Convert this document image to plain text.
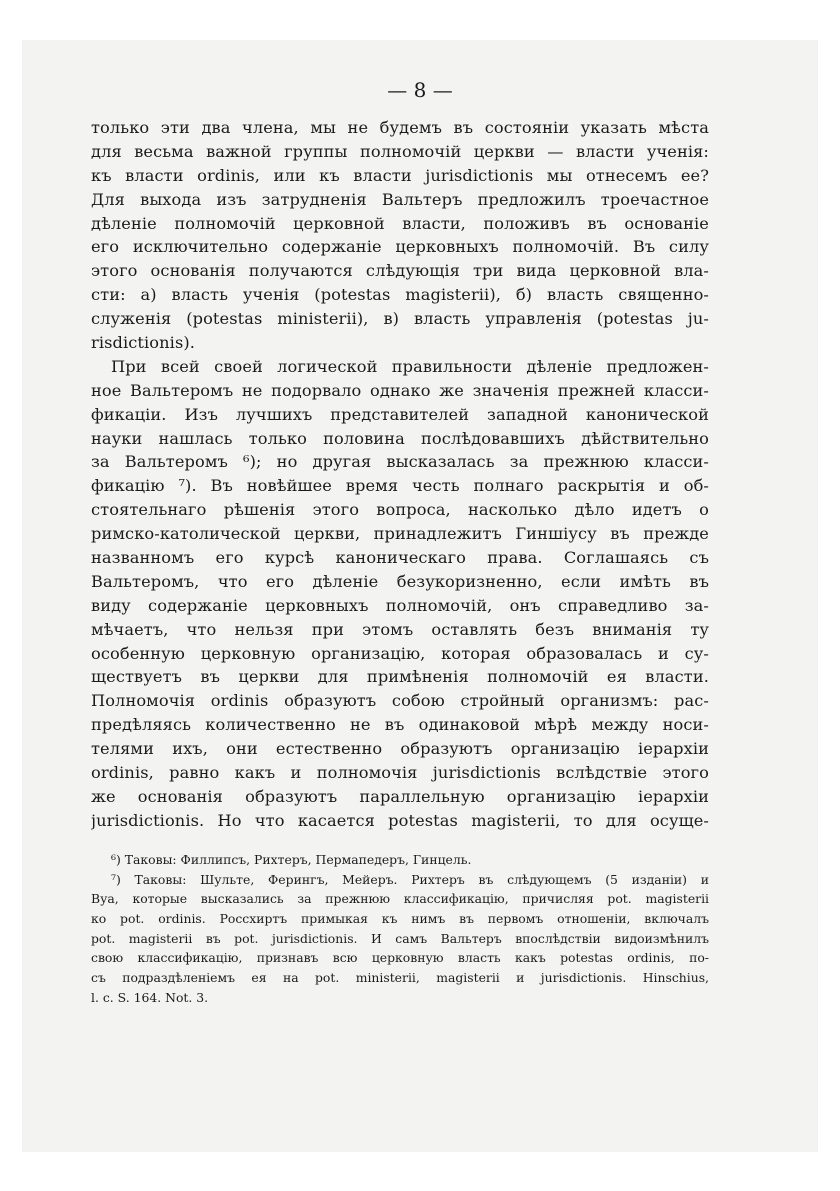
— 8 —
только эти два члена, мы не будемъ въ состоянiи указать мѣста
для весьма важной группы полномочiй церкви — власти ученiя:
къ власти ordinis, или къ власти jurisdictionis мы отнесемъ ее?
Для выхода изъ затрудненiя Вальтеръ предложилъ троечастное
дѣленiе полномочiй церковной власти, положивъ въ основанiе
его исключительно содержанiе церковныхъ полномочiй. Въ силу
этого основанiя получаются слѣдующiя три вида церковной вла-
сти: а) власть ученiя (potestas magisterii), б) власть священно-
служенiя (potestas ministerii), в) власть управленiя (potestas ju-
risdictionis).
При всей своей логической правильности дѣленiе предложен-
ное Вальтеромъ не подорвало однако же значенiя прежней класси-
фикацiи. Изъ лучшихъ представителей западной канонической
науки нашлась только половина послѣдовавшихъ дѣйствительно
за Вальтеромъ ⁶); но другая высказалась за прежнюю класси-
фикацiю ⁷). Въ новѣйшее время честь полнаго раскрытiя и об-
стоятельнаго рѣшенiя этого вопроса, насколько дѣло идетъ о
римско-католической церкви, принадлежитъ Гиншiусу въ прежде
названномъ его курсѣ каноническаго права. Соглашаясь съ
Вальтеромъ, что его дѣленiе безукоризненно, если имѣть въ
виду содержанiе церковныхъ полномочiй, онъ справедливо за-
мѣчаетъ, что нельзя при этомъ оставлять безъ вниманiя ту
особенную церковную организацiю, которая образовалась и су-
ществуетъ въ церкви для примѣненiя полномочiй ея власти.
Полномочiя ordinis образуютъ собою стройный организмъ: рас-
предѣляясь количественно не въ одинаковой мѣрѣ между носи-
телями ихъ, они естественно образуютъ организацiю iерархiи
ordinis, равно какъ и полномочiя jurisdictionis вслѣдствiе этого
же основанiя образуютъ параллельную организацiю iерархiи
jurisdictionis. Но что касается potestas magisterii, то для осуще-
⁶) Таковы: Филлипсъ, Рихтеръ, Пермапедеръ, Гинцель.
⁷) Таковы: Шульте, Ферингъ, Мейеръ. Рихтеръ въ слѣдующемъ (5 изданiи) и
Вуа, которые высказались за прежнюю классификацiю, причисляя pot. magisterii
ко pot. ordinis. Россхиртъ примыкая къ нимъ въ первомъ отношенiи, включалъ
pot. magisterii въ pot. jurisdictionis. И самъ Вальтеръ впослѣдствiи видоизмѣнилъ
свою классификацiю, признавъ всю церковную власть какъ potestas ordinis, по-
съ подраздѣленiемъ ея на pot. ministerii, magisterii и jurisdictionis. Hinschius,
l. c. S. 164. Not. 3.
